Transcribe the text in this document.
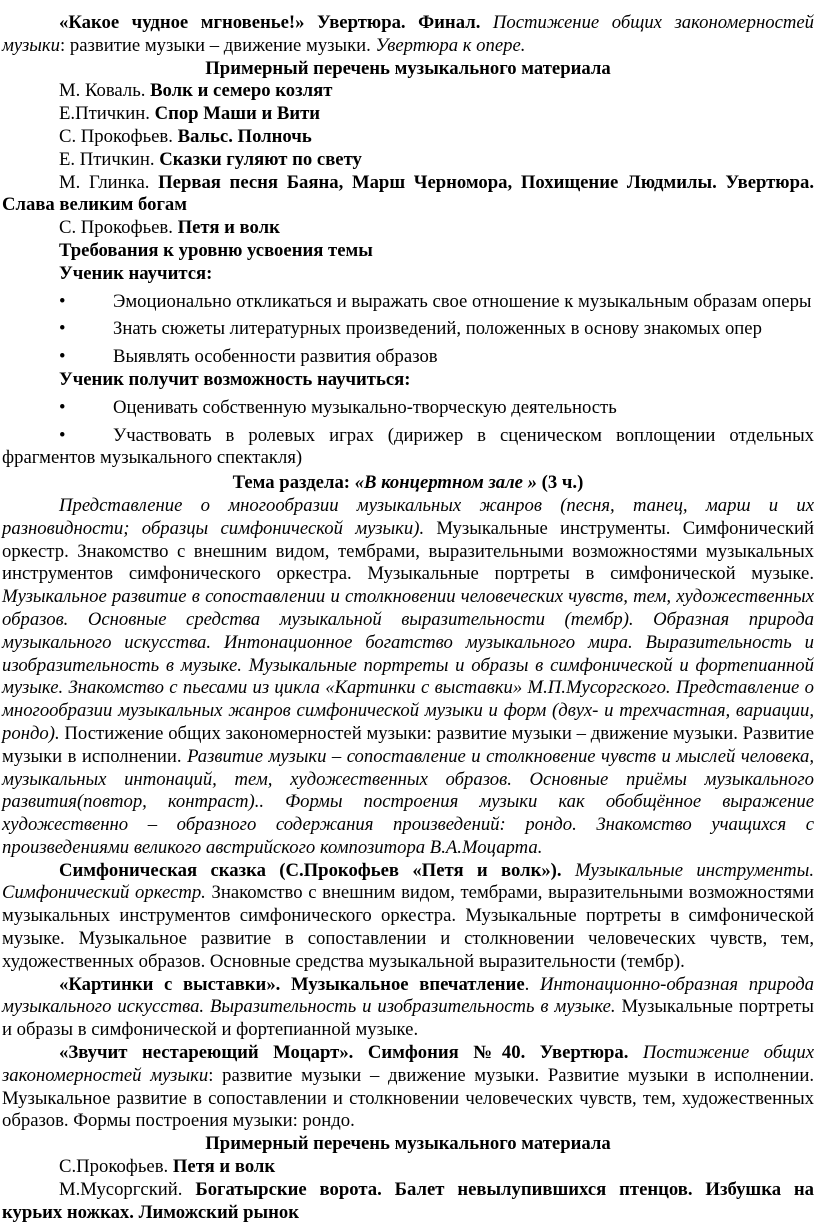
«Какое чудное мгновенье!» Увертюра. Финал. Постижение общих закономерностей музыки: развитие музыки – движение музыки. Увертюра к опере.

Примерный перечень музыкального материала

М. Коваль. Волк и семеро козлят

Е.Птичкин. Спор Маши и Вити

С. Прокофьев. Вальс. Полночь

Е. Птичкин. Сказки гуляют по свету

М. Глинка. Первая песня Баяна, Марш Черномора, Похищение Людмилы. Увертюра. Слава великим богам

С. Прокофьев. Петя и волк

Требования к уровню усвоения темы

Ученик научится:

•	Эмоционально откликаться и выражать свое отношение к музыкальным образам оперы

•	Знать сюжеты литературных произведений, положенных в основу знакомых опер

•	Выявлять особенности развития образов

Ученик получит возможность научиться:

•	Оценивать собственную музыкально-творческую деятельность

•	Участвовать в ролевых играх (дирижер в сценическом воплощении отдельных фрагментов музыкального спектакля)

Тема раздела: «В концертном зале » (3 ч.)

Представление о многообразии музыкальных жанров (песня, танец, марш и их разновидности; образцы симфонической музыки). Музыкальные инструменты. Симфонический оркестр. Знакомство с внешним видом, тембрами, выразительными возможностями музыкальных инструментов симфонического оркестра. Музыкальные портреты в симфонической музыке. Музыкальное развитие в сопоставлении и столкновении человеческих чувств, тем, художественных образов. Основные средства музыкальной выразительности (тембр). Образная природа музыкального искусства. Интонационное богатство музыкального мира. Выразительность и изобразительность в музыке. Музыкальные портреты и образы в симфонической и фортепианной музыке. Знакомство с пьесами из цикла «Картинки с выставки» М.П.Мусоргского. Представление о многообразии музыкальных жанров симфонической музыки и форм (двух- и трехчастная, вариации, рондо). Постижение общих закономерностей музыки: развитие музыки – движение музыки. Развитие музыки в исполнении. Развитие музыки – сопоставление и столкновение чувств и мыслей человека, музыкальных интонаций, тем, художественных образов. Основные приёмы музыкального развития(повтор, контраст).. Формы построения музыки как обобщённое выражение художественно – образного содержания произведений: рондо. Знакомство учащихся с произведениями великого австрийского композитора В.А.Моцарта.

Симфоническая сказка (С.Прокофьев «Петя и волк»). Музыкальные инструменты. Симфонический оркестр. Знакомство с внешним видом, тембрами, выразительными возможностями музыкальных инструментов симфонического оркестра. Музыкальные портреты в симфонической музыке. Музыкальное развитие в сопоставлении и столкновении человеческих чувств, тем, художественных образов. Основные средства музыкальной выразительности (тембр).

«Картинки с выставки». Музыкальное впечатление. Интонационно-образная природа музыкального искусства. Выразительность и изобразительность в музыке. Музыкальные портреты и образы в симфонической и фортепианной музыке.

«Звучит нестареющий Моцарт». Симфония №40. Увертюра. Постижение общих закономерностей музыки: развитие музыки – движение музыки. Развитие музыки в исполнении. Музыкальное развитие в сопоставлении и столкновении человеческих чувств, тем, художественных образов. Формы построения музыки: рондо.

Примерный перечень музыкального материала

С.Прокофьев. Петя и волк

М.Мусоргский. Богатырские ворота. Балет невылупившихся птенцов. Избушка на курьих ножках. Лиможский рынок
